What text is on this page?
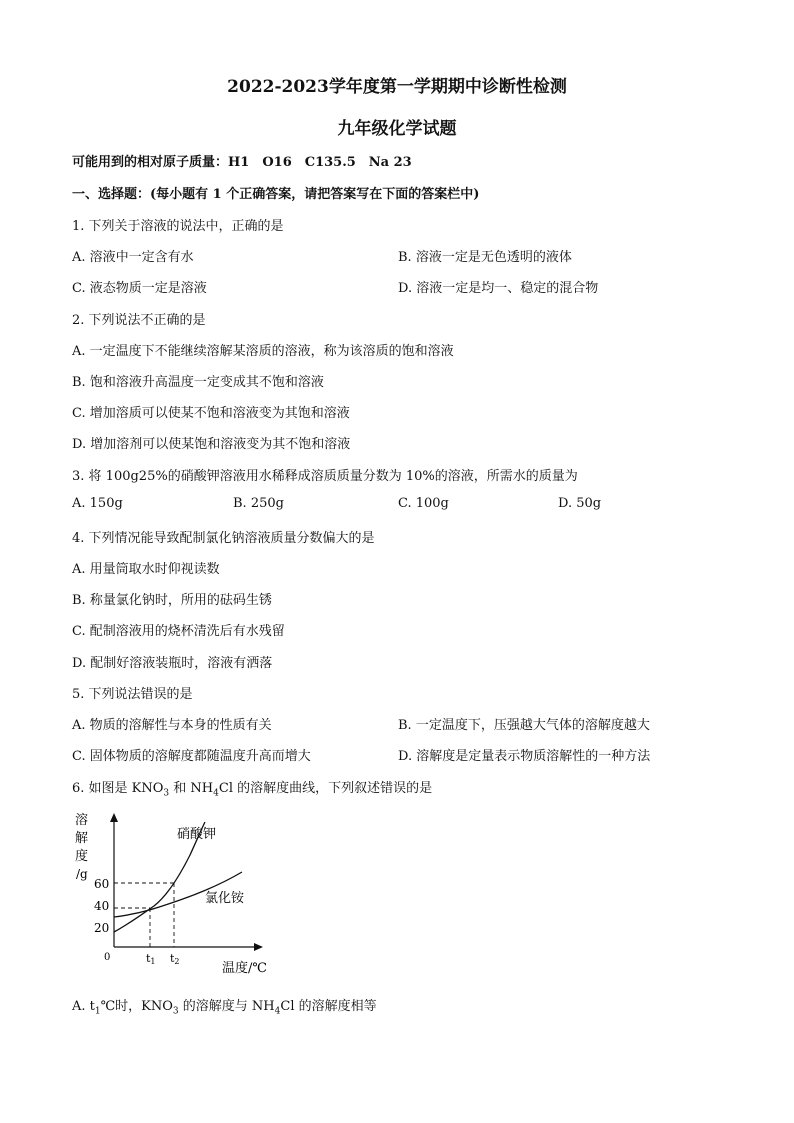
2022-2023学年度第一学期期中诊断性检测
九年级化学试题
可能用到的相对原子质量：H1　O16　C135.5　Na 23
一、选择题：(每小题有 1 个正确答案，请把答案写在下面的答案栏中)
1. 下列关于溶液的说法中，正确的是
A. 溶液中一定含有水	B. 溶液一定是无色透明的液体
C. 液态物质一定是溶液	D. 溶液一定是均一、稳定的混合物
2. 下列说法不正确的是
A. 一定温度下不能继续溶解某溶质的溶液，称为该溶质的饱和溶液
B. 饱和溶液升高温度一定变成其不饱和溶液
C. 增加溶质可以使某不饱和溶液变为其饱和溶液
D. 增加溶剂可以使某饱和溶液变为其不饱和溶液
3. 将 100g25%的硝酸钾溶液用水稀释成溶质质量分数为 10%的溶液，所需水的质量为
A. 150g	B. 250g	C. 100g	D. 50g
4. 下列情况能导致配制氯化钠溶液质量分数偏大的是
A. 用量筒取水时仰视读数
B. 称量氯化钠时，所用的砝码生锈
C. 配制溶液用的烧杯清洗后有水残留
D. 配制好溶液装瓶时，溶液有洒落
5. 下列说法错误的是
A. 物质的溶解性与本身的性质有关	B. 一定温度下，压强越大气体的溶解度越大
C. 固体物质的溶解度都随温度升高而增大	D. 溶解度是定量表示物质溶解性的一种方法
6. 如图是 $KNO_3$ 和 $NH_4Cl$ 的溶解度曲线，下列叙述错误的是
溶
解
度
/g
60
40
20
0
硝酸钾
氯化铵
t1 t2	温度/℃
A. $t_1℃$时，$KNO_3$ 的溶解度与 $NH_4Cl$ 的溶解度相等
